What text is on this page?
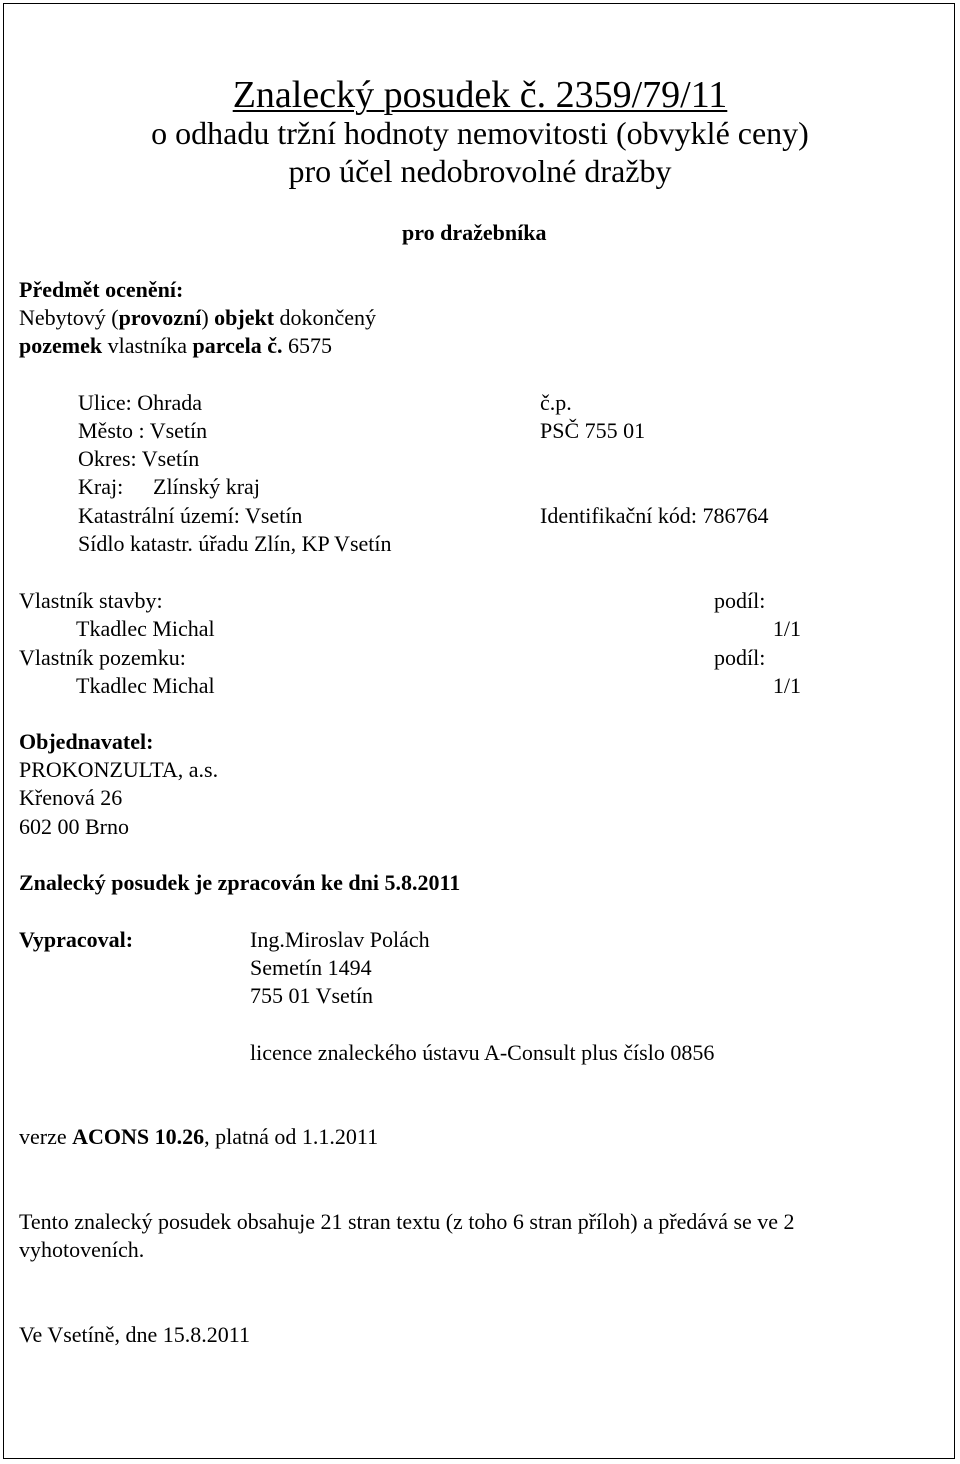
Znalecký posudek č. 2359/79/11
o odhadu tržní hodnoty nemovitosti (obvyklé ceny)
pro účel nedobrovolné dražby
pro dražebníka
Předmět ocenění:
Nebytový (provozní) objekt dokončený
pozemek vlastníka parcela č. 6575
Ulice: Ohrada	č.p.
Město : Vsetín	PSČ 755 01
Okres: Vsetín
Kraj: Zlínský kraj
Katastrální území: Vsetín	Identifikační kód: 786764
Sídlo katastr. úřadu Zlín, KP Vsetín
Vlastník stavby:	podíl:
Tkadlec Michal	1/1
Vlastník pozemku:	podíl:
Tkadlec Michal	1/1
Objednavatel:
PROKONZULTA, a.s.
Křenová 26
602 00 Brno
Znalecký posudek je zpracován ke dni 5.8.2011
Vypracoval:	Ing.Miroslav Polách
Semetín 1494
755 01 Vsetín
licence znaleckého ústavu A-Consult plus číslo 0856
verze ACONS 10.26, platná od 1.1.2011
Tento znalecký posudek obsahuje 21 stran textu (z toho 6 stran příloh) a předává se ve 2
vyhotoveních.
Ve Vsetíně, dne 15.8.2011
